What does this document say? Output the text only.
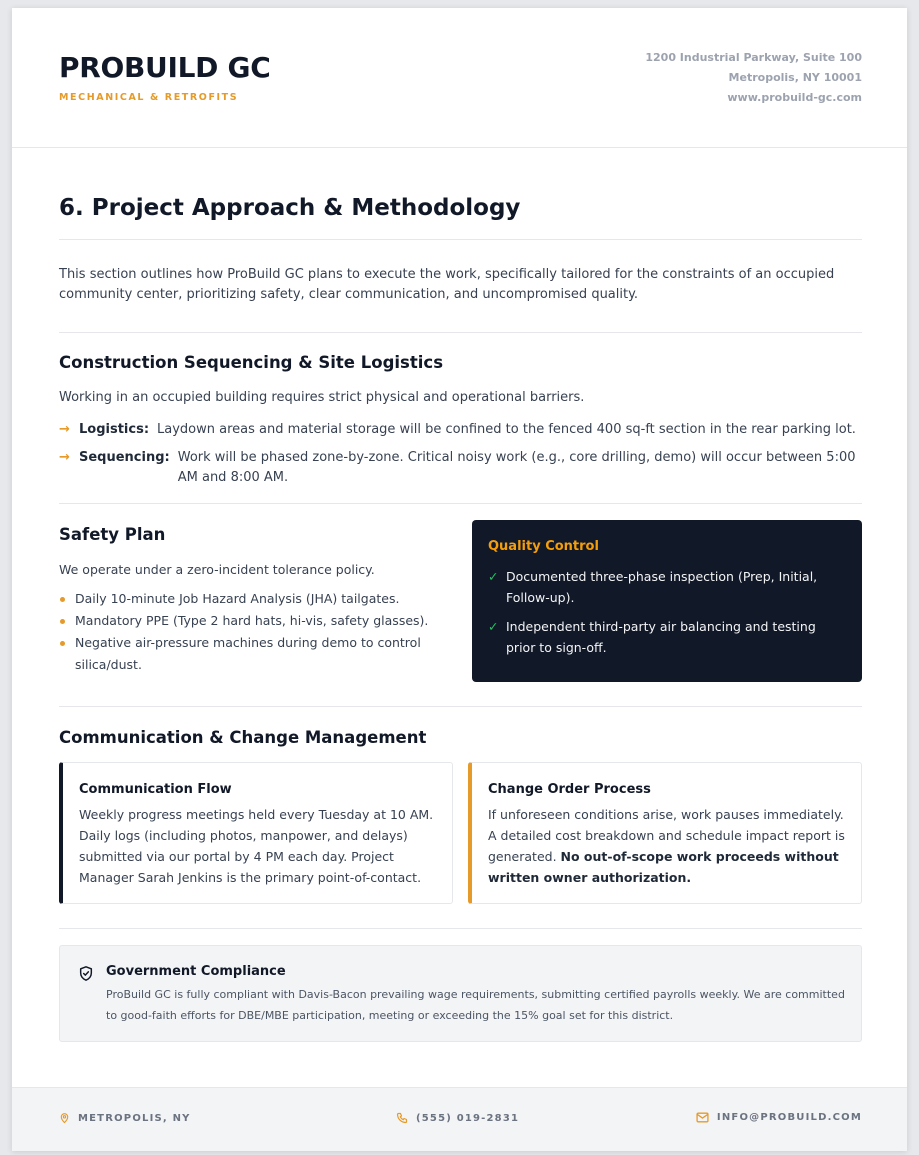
PROBUILD GC
MECHANICAL & RETROFITS
1200 Industrial Parkway, Suite 100
Metropolis, NY 10001
www.probuild-gc.com
6. Project Approach & Methodology

This section outlines how ProBuild GC plans to execute the work, specifically tailored for the constraints of an occupied community center, prioritizing safety, clear communication, and uncompromised quality.

Construction Sequencing & Site Logistics

Working in an occupied building requires strict physical and operational barriers.

→ Logistics: Laydown areas and material storage will be confined to the fenced 400 sq-ft section in the rear parking lot.
→ Sequencing: Work will be phased zone-by-zone. Critical noisy work (e.g., core drilling, demo) will occur between 5:00 AM and 8:00 AM.
Safety Plan

We operate under a zero-incident tolerance policy.

Daily 10-minute Job Hazard Analysis (JHA) tailgates.
Mandatory PPE (Type 2 hard hats, hi-vis, safety glasses).
Negative air-pressure machines during demo to control silica/dust.
Quality Control
✓ Documented three-phase inspection (Prep, Initial, Follow-up).
✓ Independent third-party air balancing and testing prior to sign-off.
Communication & Change Management
Communication Flow
Weekly progress meetings held every Tuesday at 10 AM. Daily logs (including photos, manpower, and delays) submitted via our portal by 4 PM each day. Project Manager Sarah Jenkins is the primary point-of-contact.
Change Order Process
If unforeseen conditions arise, work pauses immediately. A detailed cost breakdown and schedule impact report is generated. No out-of-scope work proceeds without written owner authorization.
Government Compliance
ProBuild GC is fully compliant with Davis-Bacon prevailing wage requirements, submitting certified payrolls weekly. We are committed to good-faith efforts for DBE/MBE participation, meeting or exceeding the 15% goal set for this district.
METROPOLIS, NY	(555) 019-2831	INFO@PROBUILD.COM
